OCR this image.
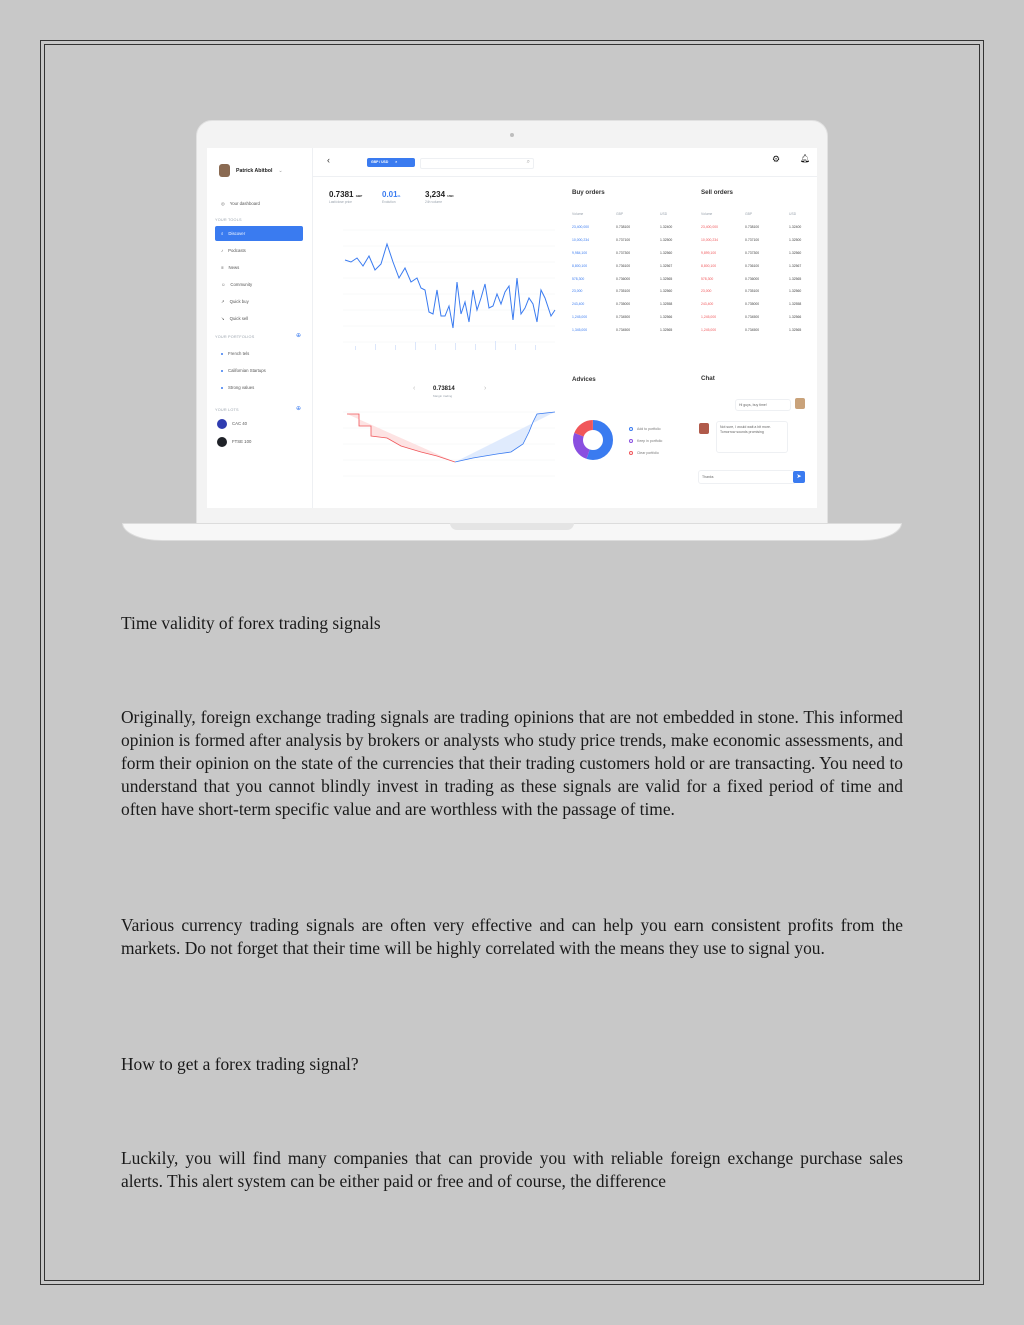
Patrick Abitbol ⌄
◎ Your dashboard
YOUR TOOLS
⌕ Discover
♪ Podcasts
≡ News
☺ Community
↗ Quick buy
↘ Quick sell
YOUR PORTFOLIOS	⊕
French tels
Californian Startups
Strong values
YOUR LOTS	⊕
CAC 40
FTSE 100
‹	GBP / USD ×	⌕	⚙ 🔔︎
0.7381 GBP
Last/close price
0.01%
Evolution
3,234 USD
24h volume
0.73814
Margin trading
‹	›
Buy orders	Sell orders
Volume	GBP	USD
23,400,000	0.738100	1.32400
10,000,234	0.737100	1.32500
9,984,100	0.737300	1.32560
8,800,100	0.736100	1.32567
578,300	0.736000	1.32565
23,000	0.735100	1.32560
243,400	0.735000	1.32558
1,245,000	0.734500	1.32566
1,345,000	0.734500	1.32565
Volume	GBP	USD
23,400,000	0.738100	1.32400
10,000,234	0.737100	1.32500
9,899,100	0.737300	1.32560
8,800,100	0.736100	1.32567
578,300	0.736000	1.32565
23,000	0.735100	1.32560
243,400	0.735000	1.32558
1,245,000	0.734500	1.32566
1,245,000	0.734500	1.32565
Advices
Add to portfolio
Keep in portfolio
Clear portfolio
Chat
Hi guys, buy time!
Not sure, I would wait a bit more. Tomorrow sounds promising
Thanks	➤

Time validity of forex trading signals

Originally, foreign exchange trading signals are trading opinions that are not embedded in stone. This informed opinion is formed after analysis by brokers or analysts who study price trends, make economic assessments, and form their opinion on the state of the currencies that their trading customers hold or are transacting. You need to understand that you cannot blindly invest in trading as these signals are valid for a fixed period of time and often have short-term specific value and are worthless with the passage of time.

Various currency trading signals are often very effective and can help you earn consistent profits from the markets. Do not forget that their time will be highly correlated with the means they use to signal you.

How to get a forex trading signal?

Luckily, you will find many companies that can provide you with reliable foreign exchange purchase sales alerts. This alert system can be either paid or free and of course, the difference
